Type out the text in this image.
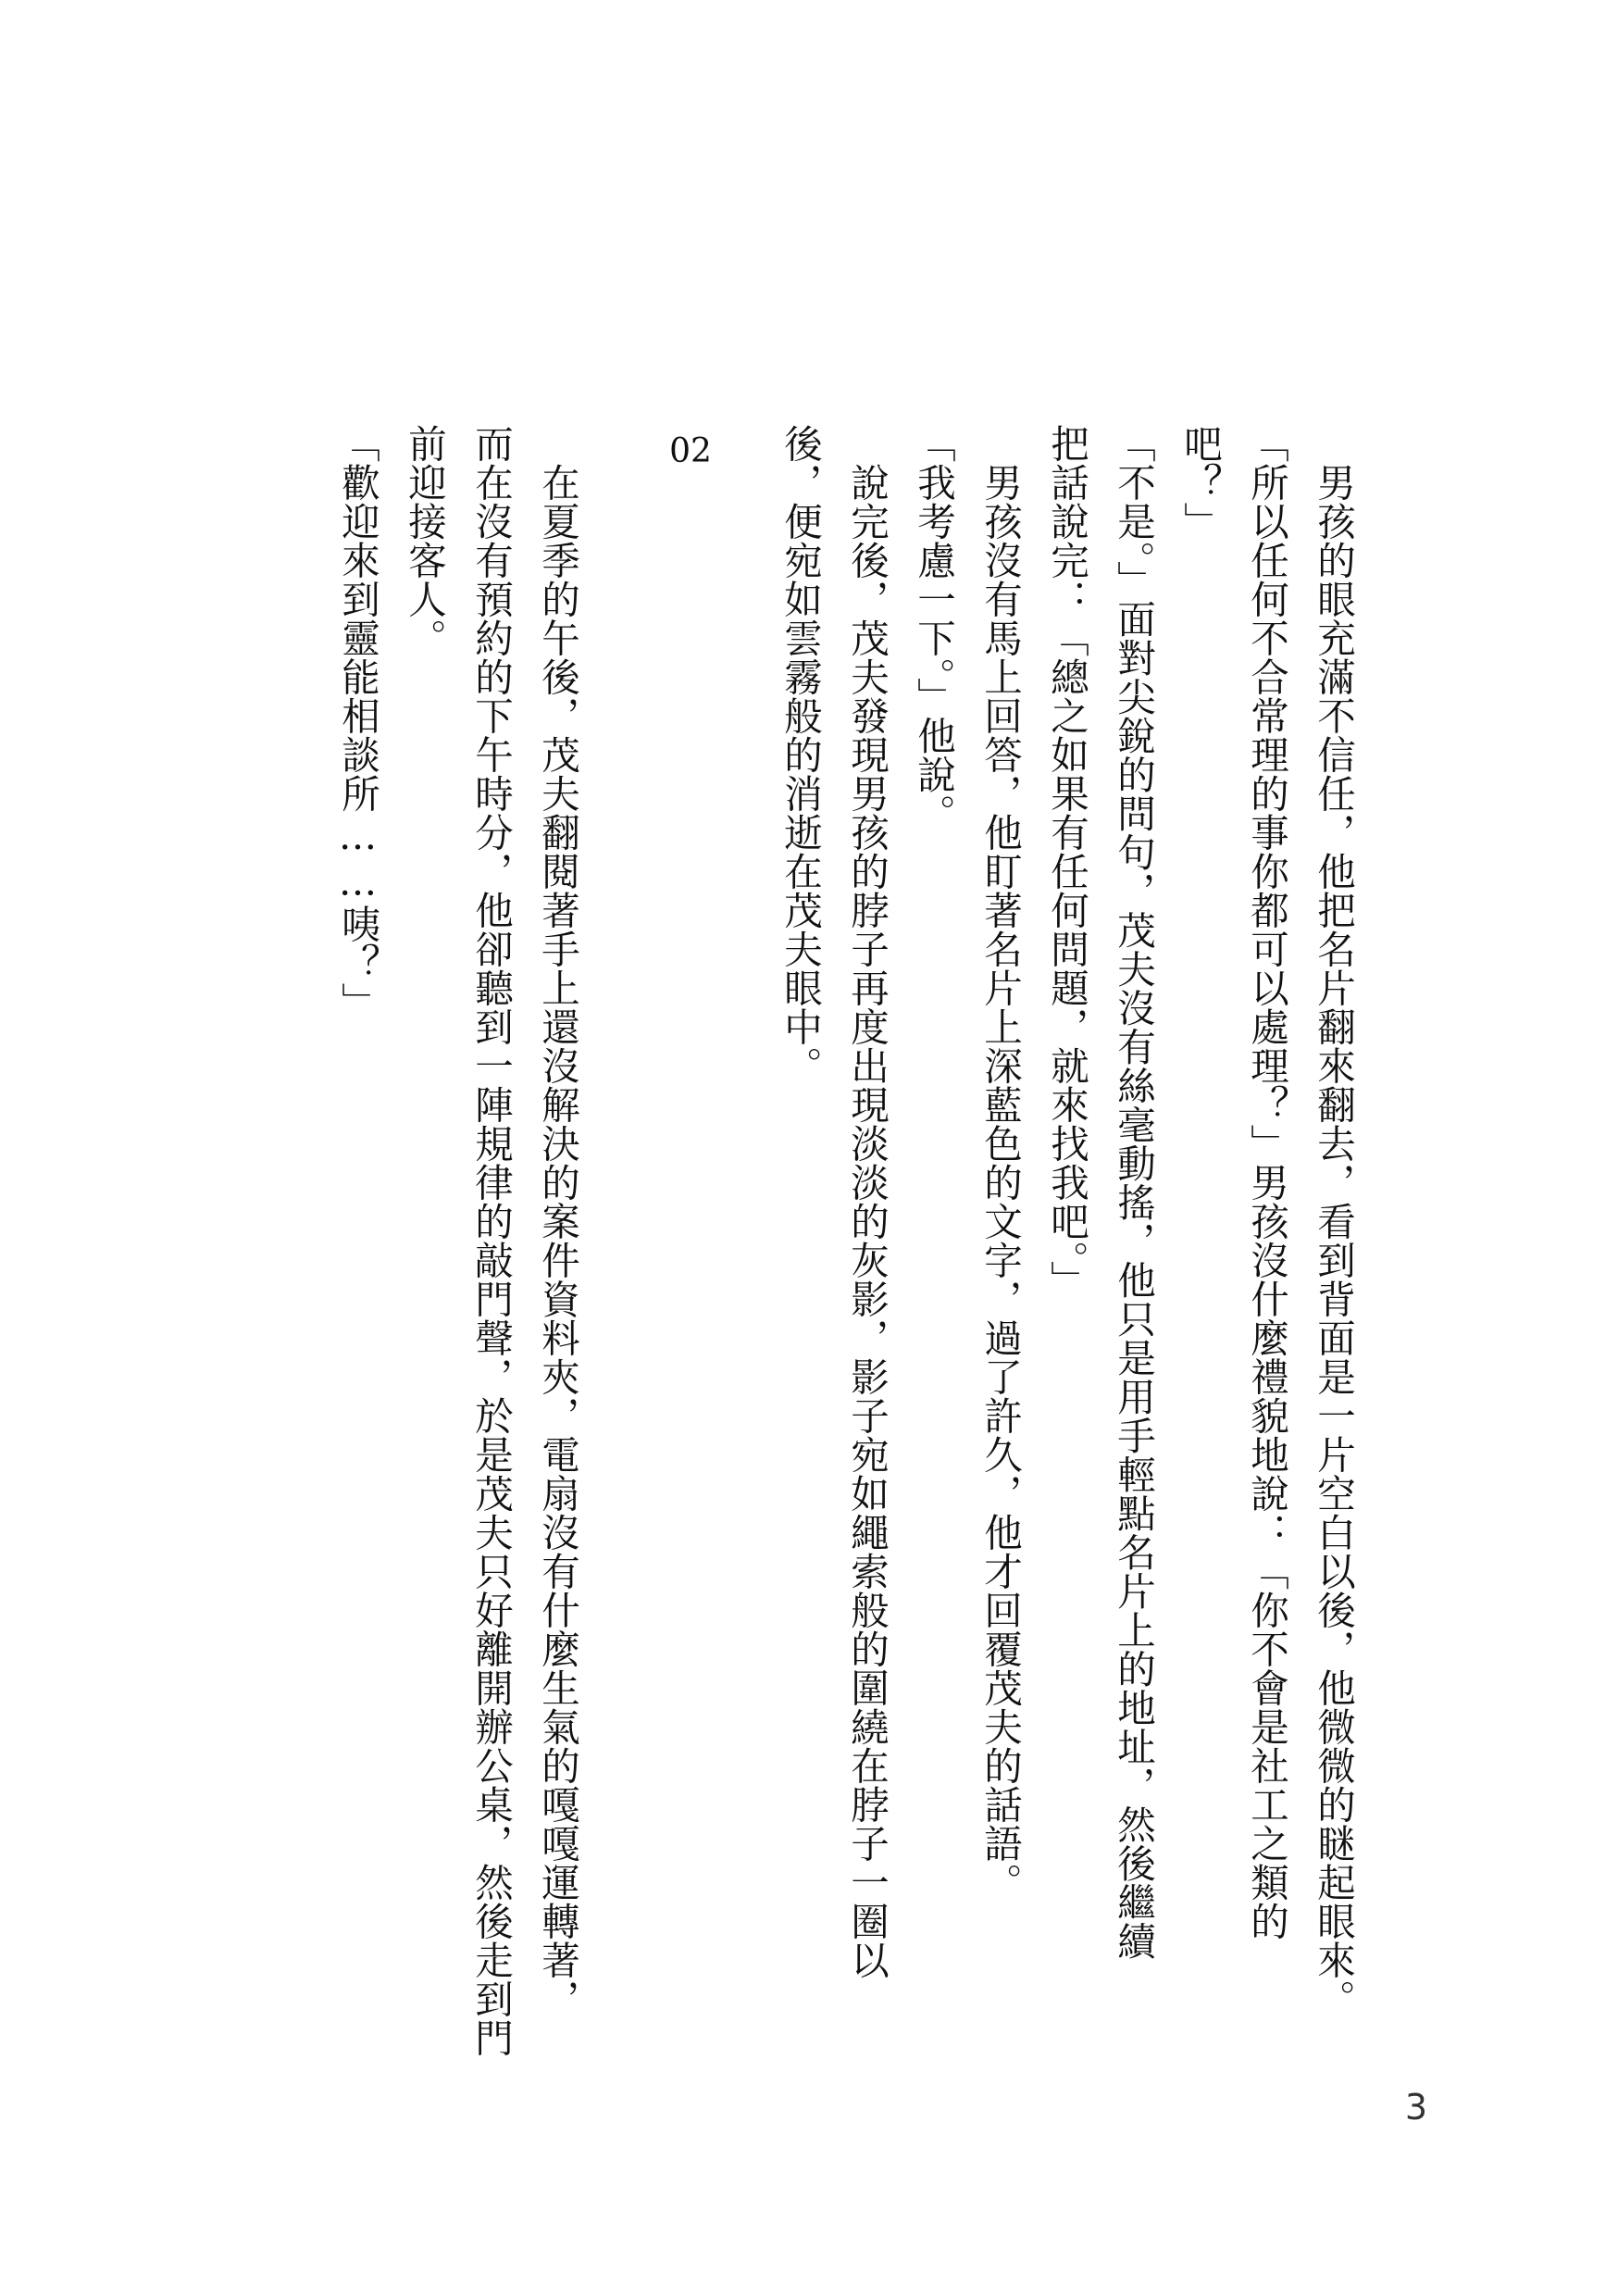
男孩的眼充滿不信任，他把名片翻來翻去，看到背面是一片空白以後，他微微的瞇起眼來。
「所以任何不合常理的事你都可以處理？」男孩沒什麼禮貌地說：「你不會是社工之類的
吧？」
「不是。」面對尖銳的問句，茂夫沒有絲毫動搖，他只是用手輕點名片上的地址，然後繼續
把話說完：「總之如果有任何問題，就來找我吧。」
男孩沒有馬上回答，他盯著名片上深藍色的文字，過了許久，他才回覆茂夫的話語。
「我考慮一下。」他說。
說完後，茂夫發現男孩的脖子再度出現淡淡的灰影，影子宛如繩索般的圍繞在脖子一圈以
後，便宛如雲霧般的消逝在茂夫眼中。
02
在夏季的午後，茂夫翻閱著手上還沒解決的案件資料夾，電扇沒有什麼生氣的嘎嘎運轉著，
而在沒有預約的下午時分，他卻聽到一陣規律的敲門聲，於是茂夫只好離開辦公桌，然後走到門
前迎接客人。
「歡迎來到靈能相談所……咦？」
3
